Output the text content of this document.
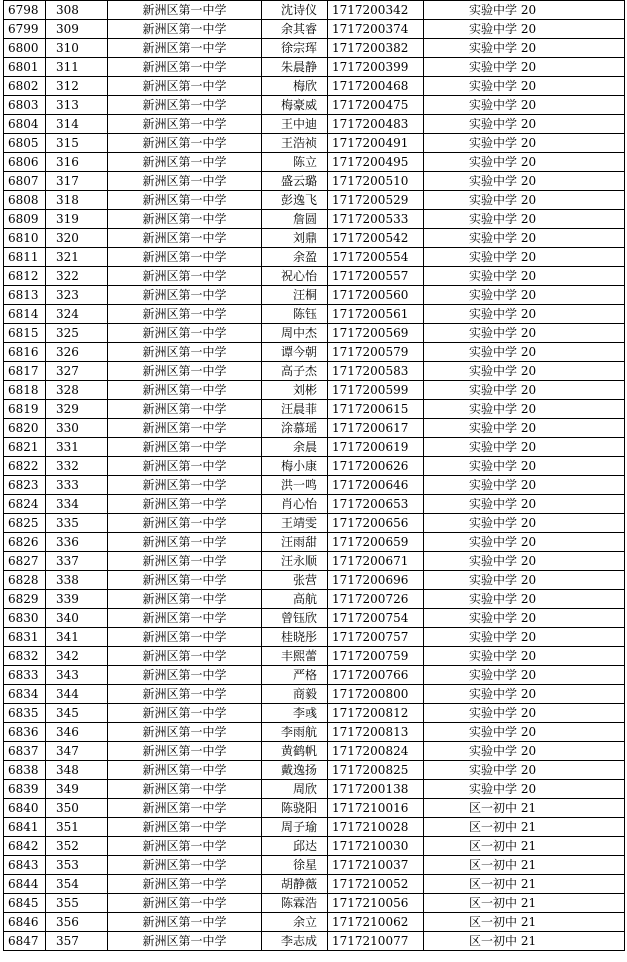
6798	308	新洲区第一中学	沈诗仪	1717200342	实验中学 20
6799	309	新洲区第一中学	余其睿	1717200374	实验中学 20
6800	310	新洲区第一中学	徐宗珲	1717200382	实验中学 20
6801	311	新洲区第一中学	朱晨静	1717200399	实验中学 20
6802	312	新洲区第一中学	梅欣	1717200468	实验中学 20
6803	313	新洲区第一中学	梅豪威	1717200475	实验中学 20
6804	314	新洲区第一中学	王中迪	1717200483	实验中学 20
6805	315	新洲区第一中学	王浩祯	1717200491	实验中学 20
6806	316	新洲区第一中学	陈立	1717200495	实验中学 20
6807	317	新洲区第一中学	盛云璐	1717200510	实验中学 20
6808	318	新洲区第一中学	彭逸飞	1717200529	实验中学 20
6809	319	新洲区第一中学	詹圆	1717200533	实验中学 20
6810	320	新洲区第一中学	刘鼎	1717200542	实验中学 20
6811	321	新洲区第一中学	余盈	1717200554	实验中学 20
6812	322	新洲区第一中学	祝心怡	1717200557	实验中学 20
6813	323	新洲区第一中学	汪桐	1717200560	实验中学 20
6814	324	新洲区第一中学	陈钰	1717200561	实验中学 20
6815	325	新洲区第一中学	周中杰	1717200569	实验中学 20
6816	326	新洲区第一中学	谭今朝	1717200579	实验中学 20
6817	327	新洲区第一中学	高子杰	1717200583	实验中学 20
6818	328	新洲区第一中学	刘彬	1717200599	实验中学 20
6819	329	新洲区第一中学	汪晨菲	1717200615	实验中学 20
6820	330	新洲区第一中学	涂慕瑶	1717200617	实验中学 20
6821	331	新洲区第一中学	余晨	1717200619	实验中学 20
6822	332	新洲区第一中学	梅小康	1717200626	实验中学 20
6823	333	新洲区第一中学	洪一鸣	1717200646	实验中学 20
6824	334	新洲区第一中学	肖心怡	1717200653	实验中学 20
6825	335	新洲区第一中学	王靖雯	1717200656	实验中学 20
6826	336	新洲区第一中学	汪雨甜	1717200659	实验中学 20
6827	337	新洲区第一中学	汪永顺	1717200671	实验中学 20
6828	338	新洲区第一中学	张营	1717200696	实验中学 20
6829	339	新洲区第一中学	高航	1717200726	实验中学 20
6830	340	新洲区第一中学	曾钰欣	1717200754	实验中学 20
6831	341	新洲区第一中学	桂晓彤	1717200757	实验中学 20
6832	342	新洲区第一中学	丰熙蕾	1717200759	实验中学 20
6833	343	新洲区第一中学	严格	1717200766	实验中学 20
6834	344	新洲区第一中学	商毅	1717200800	实验中学 20
6835	345	新洲区第一中学	李彧	1717200812	实验中学 20
6836	346	新洲区第一中学	李雨航	1717200813	实验中学 20
6837	347	新洲区第一中学	黄鹤帆	1717200824	实验中学 20
6838	348	新洲区第一中学	戴逸扬	1717200825	实验中学 20
6839	349	新洲区第一中学	周欣	1717200138	实验中学 20
6840	350	新洲区第一中学	陈骁阳	1717210016	区一初中 21
6841	351	新洲区第一中学	周子瑜	1717210028	区一初中 21
6842	352	新洲区第一中学	邱达	1717210030	区一初中 21
6843	353	新洲区第一中学	徐星	1717210037	区一初中 21
6844	354	新洲区第一中学	胡静薇	1717210052	区一初中 21
6845	355	新洲区第一中学	陈霖浩	1717210056	区一初中 21
6846	356	新洲区第一中学	余立	1717210062	区一初中 21
6847	357	新洲区第一中学	李志成	1717210077	区一初中 21
